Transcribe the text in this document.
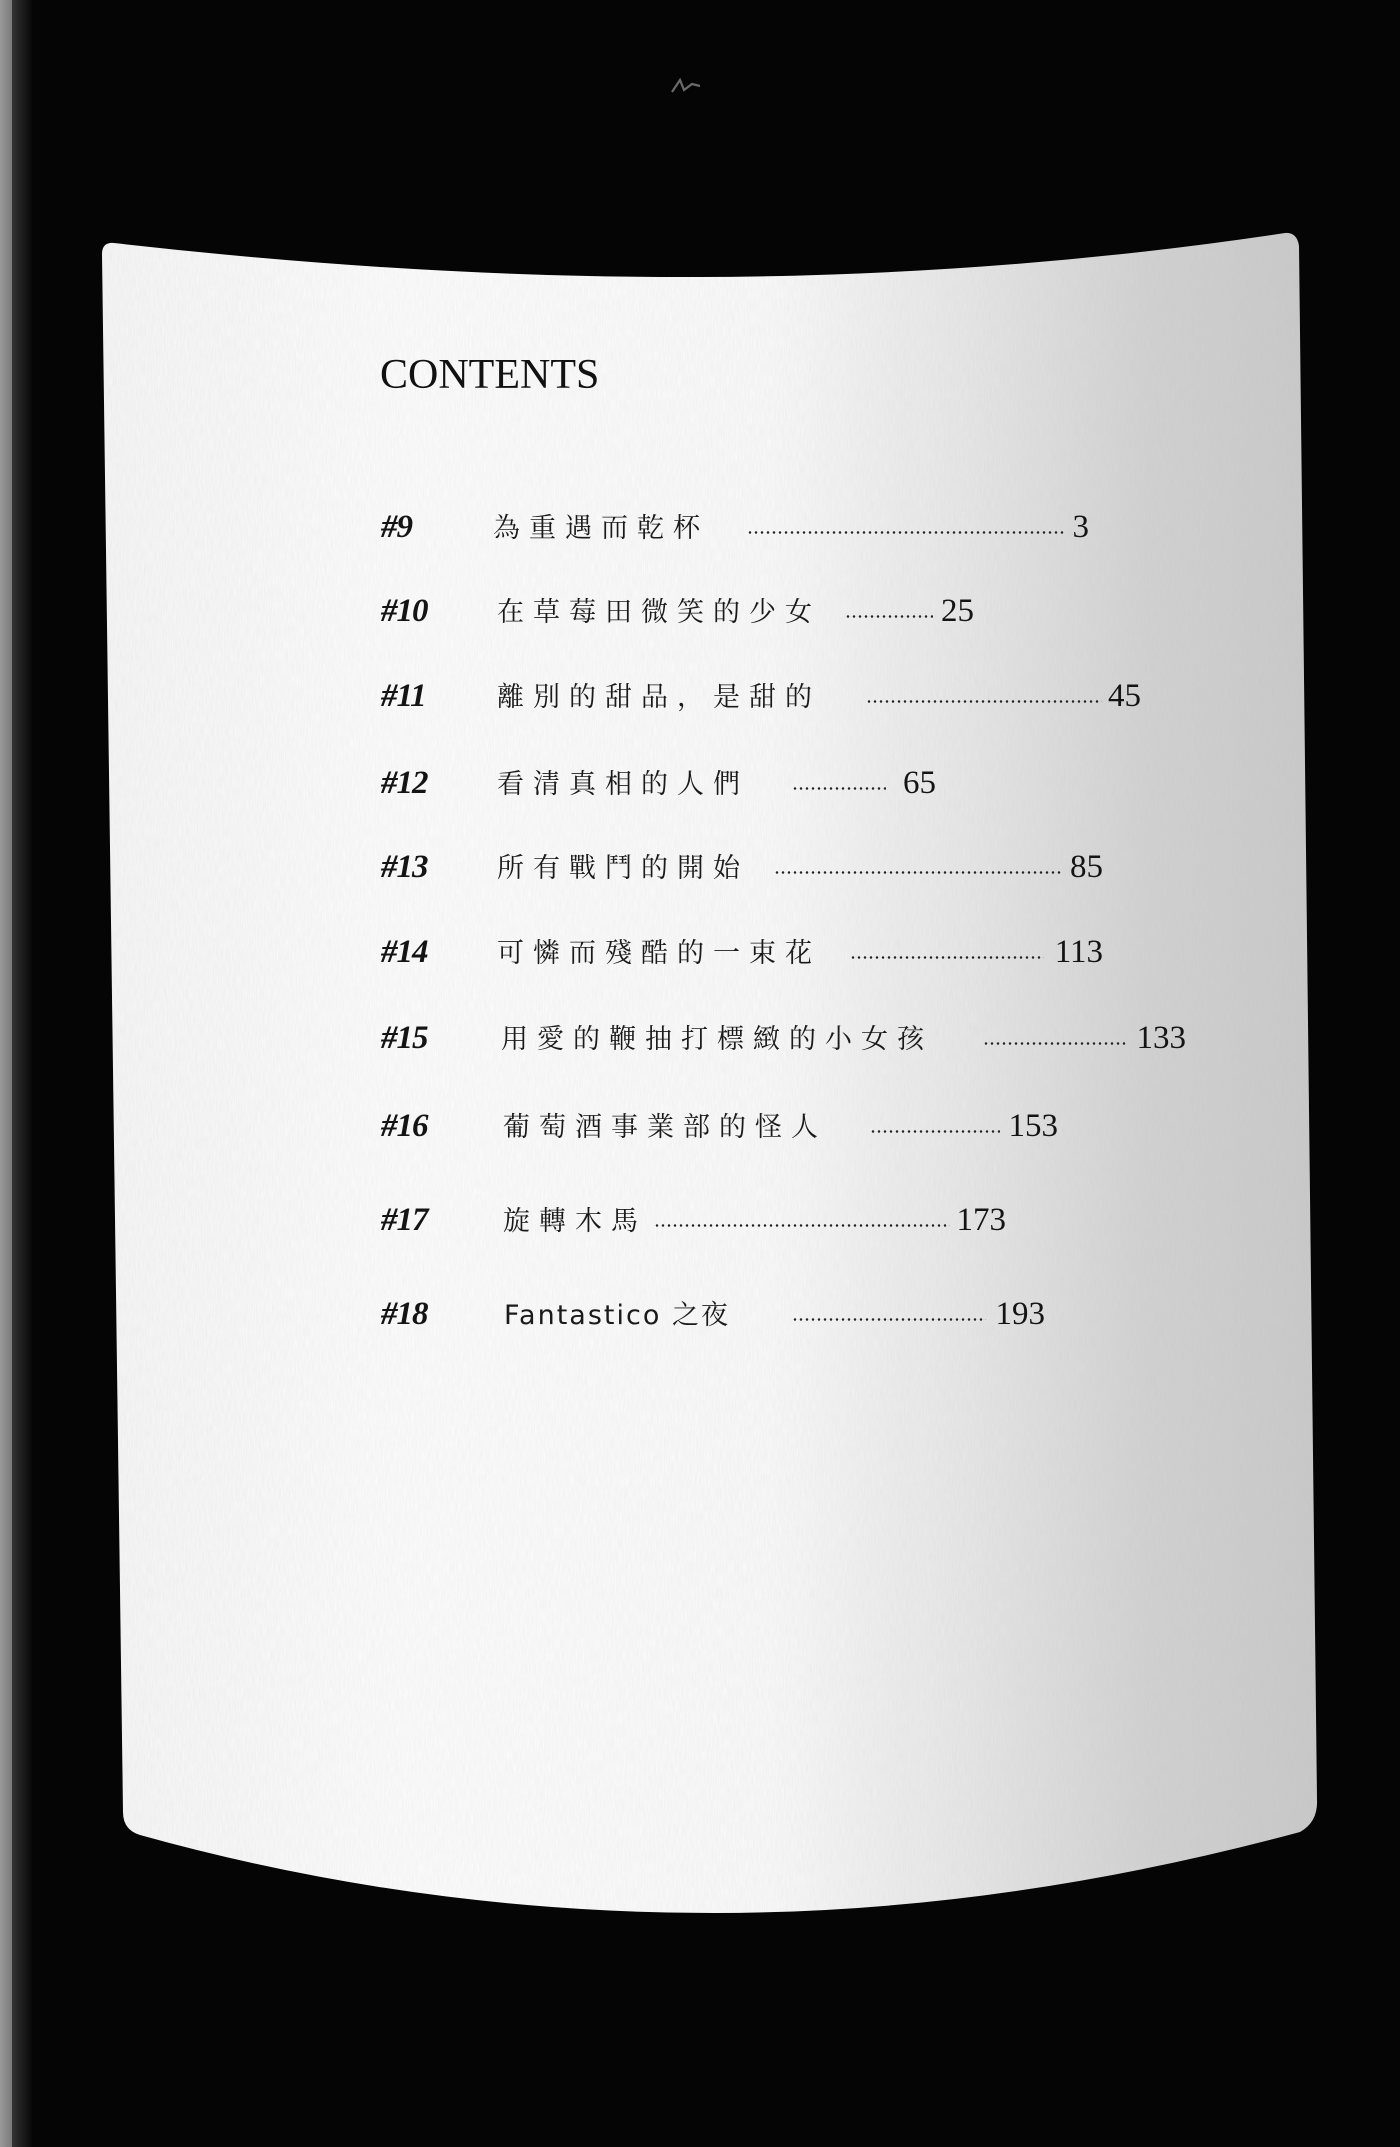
CONTENTS
#9	為重遇而乾杯	3
#10	在草莓田微笑的少女	25
#11	離別的甜品，是甜的	45
#12	看清真相的人們	65
#13	所有戰鬥的開始	85
#14	可憐而殘酷的一束花	113
#15	用愛的鞭抽打標緻的小女孩	133
#16	葡萄酒事業部的怪人	153
#17	旋轉木馬	173
#18	Fantastico 之夜	193
